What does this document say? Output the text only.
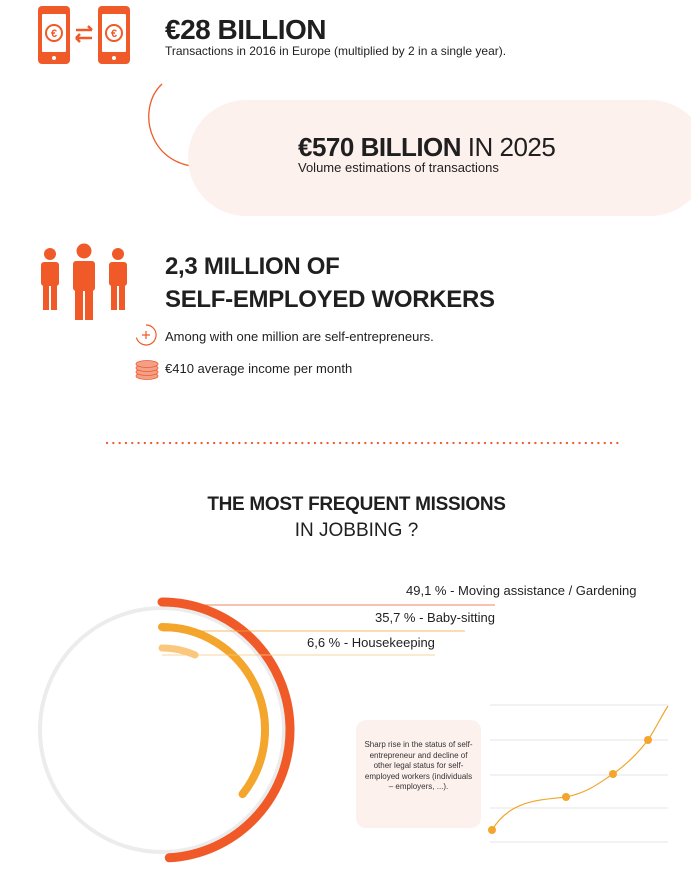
€	€ €28 BILLION
Transactions in 2016 in Europe (multiplied by 2 in a single year).
€570 BILLION IN 2025
Volume estimations of transactions
2,3 MILLION OF
SELF-EMPLOYED WORKERS
Among with one million are self-entrepreneurs.
€410 average income per month
THE MOST FREQUENT MISSIONS
IN JOBBING ?
49,1 % - Moving assistance / Gardening
35,7 % - Baby-sitting
6,6 % - Housekeeping
Sharp rise in the status of self-entrepreneur and decline of other legal status for self-employed workers (individuals – employers, ...).
